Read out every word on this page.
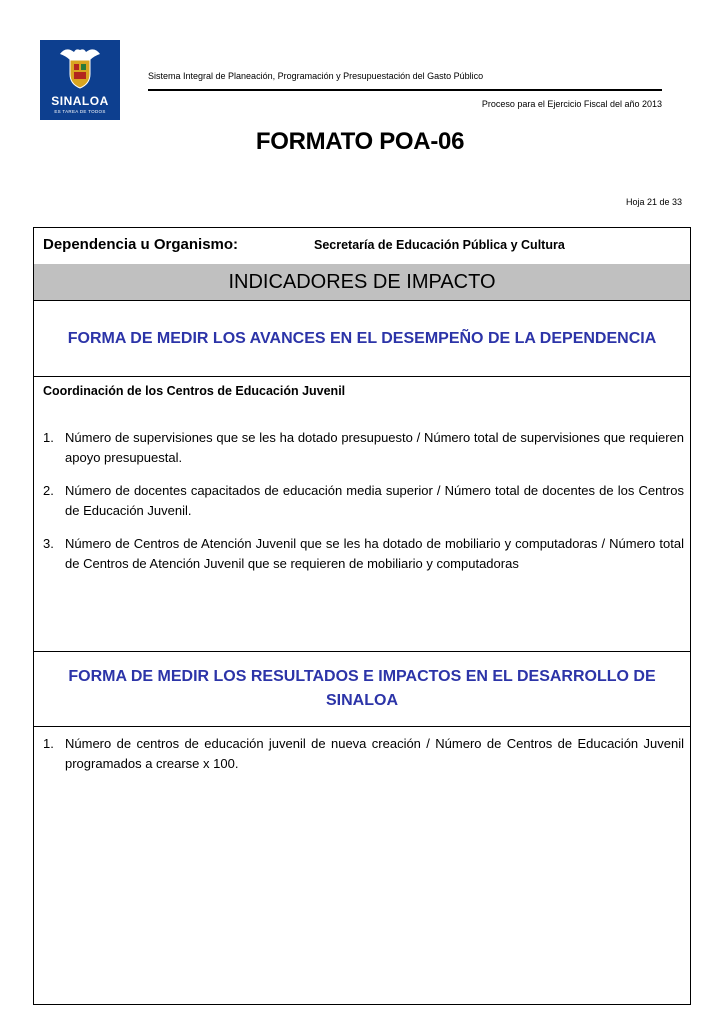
SINALOA
ES TAREA DE TODOS
Sistema Integral de Planeación, Programación y Presupuestación del Gasto Público
Proceso para el Ejercicio Fiscal del año 2013
FORMATO POA-06
Hoja 21 de 33
Dependencia u Organismo:	Secretaría de Educación Pública y Cultura
INDICADORES DE IMPACTO
FORMA DE MEDIR LOS AVANCES EN EL DESEMPEÑO DE LA DEPENDENCIA
Coordinación de los Centros de Educación Juvenil
1. Número de supervisiones que se les ha dotado presupuesto / Número total de supervisiones que requieren apoyo presupuestal.
2. Número de docentes capacitados de educación media superior / Número total de docentes de los Centros de Educación Juvenil.
3. Número de Centros de Atención Juvenil que se les ha dotado de mobiliario y computadoras / Número total de Centros de Atención Juvenil que se requieren de mobiliario y computadoras
FORMA DE MEDIR LOS RESULTADOS E IMPACTOS EN EL DESARROLLO DE SINALOA
1. Número de centros de educación juvenil de nueva creación / Número de Centros de Educación Juvenil programados a crearse x 100.
